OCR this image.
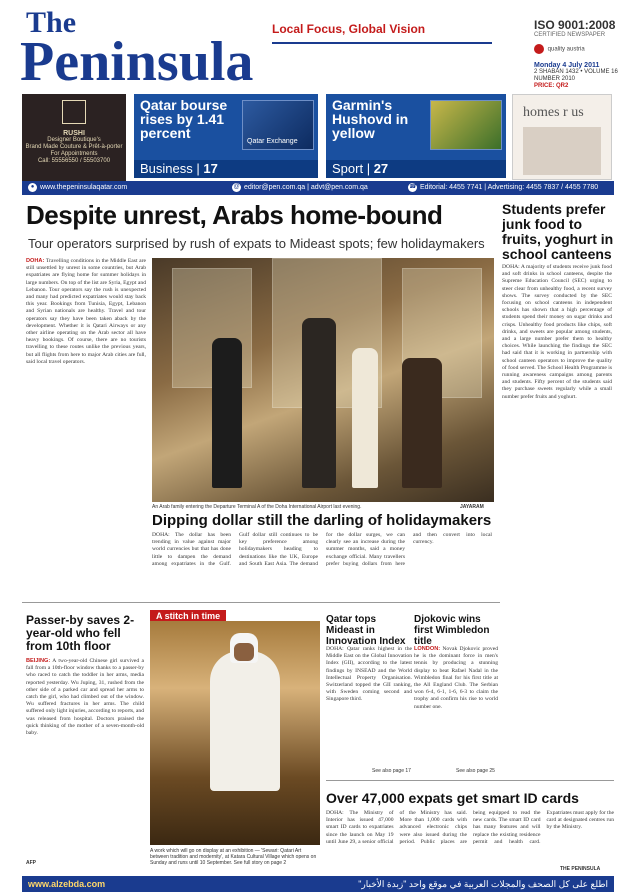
The
Peninsula
Local Focus, Global Vision	ISO 9001:2008
CERTIFIED NEWSPAPER
quality austria
Monday 4 July 2011
2 SHABAN 1432 • VOLUME 16
NUMBER 2010
PRICE: QR2
RUSHI
Designer Boutique's
Brand Made Couture & Prêt-à-porter
For Appointments
Call: 55556550 / 55503700
Qatar bourse rises by 1.41 percent
Qatar Exchange
Business | 17
Garmin's Hushovd in yellow
Sport | 27
homes r us
● www.thepeninsulaqatar.com	@ editor@pen.com.qa | advt@pen.com.qa	☎ Editorial: 4455 7741 | Advertising: 4455 7837 / 4455 7780
Despite unrest, Arabs home-bound
Tour operators surprised by rush of expats to Mideast spots; few holidaymakers
DOHA: Travelling conditions in the Middle East are still unsettled by unrest in some countries, but Arab expatriates are flying home for summer holidays in large numbers. On top of the list are Syria, Egypt and Lebanon. Tour operators say the rush is unexpected and many had predicted expatriates would stay back this year. Bookings from Tunisia, Egypt, Lebanon and Syrian nationals are healthy. Travel and tour operators say they have been taken aback by the development. Whether it is Qatari Airways or any other airline operating on the Arab sector all have heavy bookings. Of course, there are no tourists travelling to these routes unlike the previous years, but all flights from here to major Arab cities are full, said local travel operators.
An Arab family entering the Departure Terminal A of the Doha International Airport last evening.	JAYARAM
Dipping dollar still the darling of holidaymakers
DOHA: The dollar has been trending in value against major world currencies but that has done little to dampen the demand among expatriates in the Gulf. Gulf dollar still continues to be key preference among holidaymakers heading to destinations like the UK, Europe and South East Asia. The demand for the dollar surges, we can clearly see an increase during the summer months, said a money exchange official. Many travellers prefer buying dollars from here and then convert into local currency.
Students prefer junk food to fruits, yoghurt in school canteens
DOHA: A majority of students receive junk food and soft drinks in school canteens, despite the Supreme Education Council (SEC) urging to steer clear from unhealthy food, a recent survey shows. The survey conducted by the SEC focusing on school canteens in independent schools has shown that a high percentage of students spend their money on sugar drinks and crisps. Unhealthy food products like chips, soft drinks, and sweets are popular among students, and a large number prefer them to healthy choices. While launching the findings the SEC had said that it is working in partnership with school canteen operators to improve the quality of food served. The School Health Programme is running awareness campaigns among parents and students. Fifty percent of the students said they purchase sweets regularly while a small number prefer fruits and yoghurt.
Passer-by saves 2-year-old who fell from 10th floor
BEIJING: A two-year-old Chinese girl survived a fall from a 10th-floor window thanks to a passer-by who raced to catch the toddler in her arms, media reported yesterday. Wu Juping, 31, rushed from the other side of a parked car and spread her arms to catch the girl, who had climbed out of the window. Wu suffered fractures in her arms. The child suffered only light injuries, according to reports, and was released from hospital. Doctors praised the quick thinking of the mother of a seven-month-old baby.
AFP
A stitch in time
A work which will go on display at an exhibition — 'Sewari: Qatari Art between tradition and modernity', at Katara Cultural Village which opens on Sunday and runs until 10 September. See full story on page 2
Qatar tops Mideast in Innovation Index
DOHA: Qatar ranks highest in the Middle East on the Global Innovation Index (GII), according to the latest findings by INSEAD and the World Intellectual Property Organisation. Switzerland topped the GII ranking, with Sweden coming second and Singapore third.
See also page 17
Djokovic wins first Wimbledon title
LONDON: Novak Djokovic proved he is the dominant force in men's tennis by producing a stunning display to beat Rafael Nadal in the Wimbledon final for his first title at the All England Club. The Serbian won 6-4, 6-1, 1-6, 6-3 to claim the trophy and confirm his rise to world number one.
See also page 25
Over 47,000 expats get smart ID cards
DOHA: The Ministry of Interior has issued 47,000 smart ID cards to expatriates since the launch on May 19 until June 29, a senior official of the Ministry has said. More than 1,000 cards with advanced electronic chips were also issued during the period. Public places are being equipped to read the new cards. The smart ID card has many features and will replace the existing residence permit and health card. Expatriates must apply for the card at designated centres run by the Ministry.
THE PENINSULA
www.alzebda.com	اطلع على كل الصحف والمجلات العربية في موقع واحد "زبدة الأخبار"
